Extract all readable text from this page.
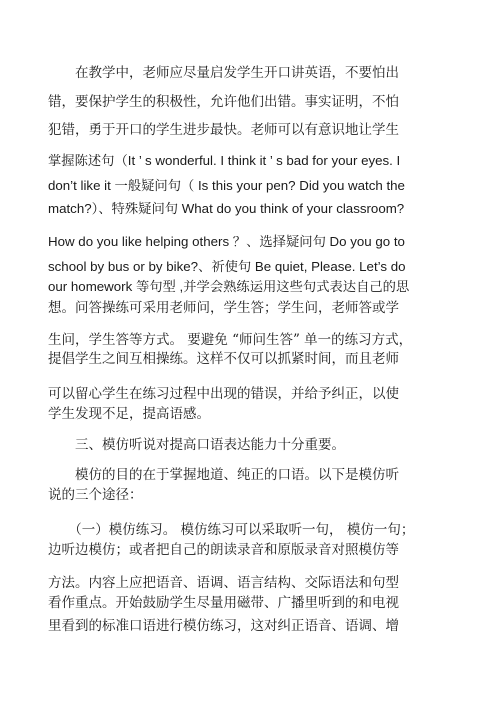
　　在教学中，老师应尽量启发学生开口讲英语，不要怕出
错，要保护学生的积极性，允许他们出错。事实证明，不怕
犯错，勇于开口的学生进步最快。老师可以有意识地让学生
掌握陈述句（It ’ s wonderful. I think it ’ s bad for your eyes. I
don’t like it 一般疑问句（ Is this your pen? Did you watch the
match?）、特殊疑问句 What do you think of your classroom?
How do you like helping others ？、选择疑问句 Do you go to
school by bus or by bike?、祈使句 Be quiet, Please. Let’s do
our homework 等句型 ,并学会熟练运用这些句式表达自己的思
想。问答操练可采用老师问，学生答；学生问，老师答或学
生问，学生答等方式。 要避免 “师问生答” 单一的练习方式，
提倡学生之间互相操练。这样不仅可以抓紧时间，而且老师
可以留心学生在练习过程中出现的错误，并给予纠正，以使
学生发现不足，提高语感。
　　三、模仿听说对提高口语表达能力十分重要。
　　模仿的目的在于掌握地道、纯正的口语。以下是模仿听
说的三个途径：
　　（一）模仿练习。 模仿练习可以采取听一句， 模仿一句；
边听边模仿；或者把自己的朗读录音和原版录音对照模仿等
方法。内容上应把语音、语调、语言结构、交际语法和句型
看作重点。开始鼓励学生尽量用磁带、广播里听到的和电视
里看到的标准口语进行模仿练习，这对纠正语音、语调、增
